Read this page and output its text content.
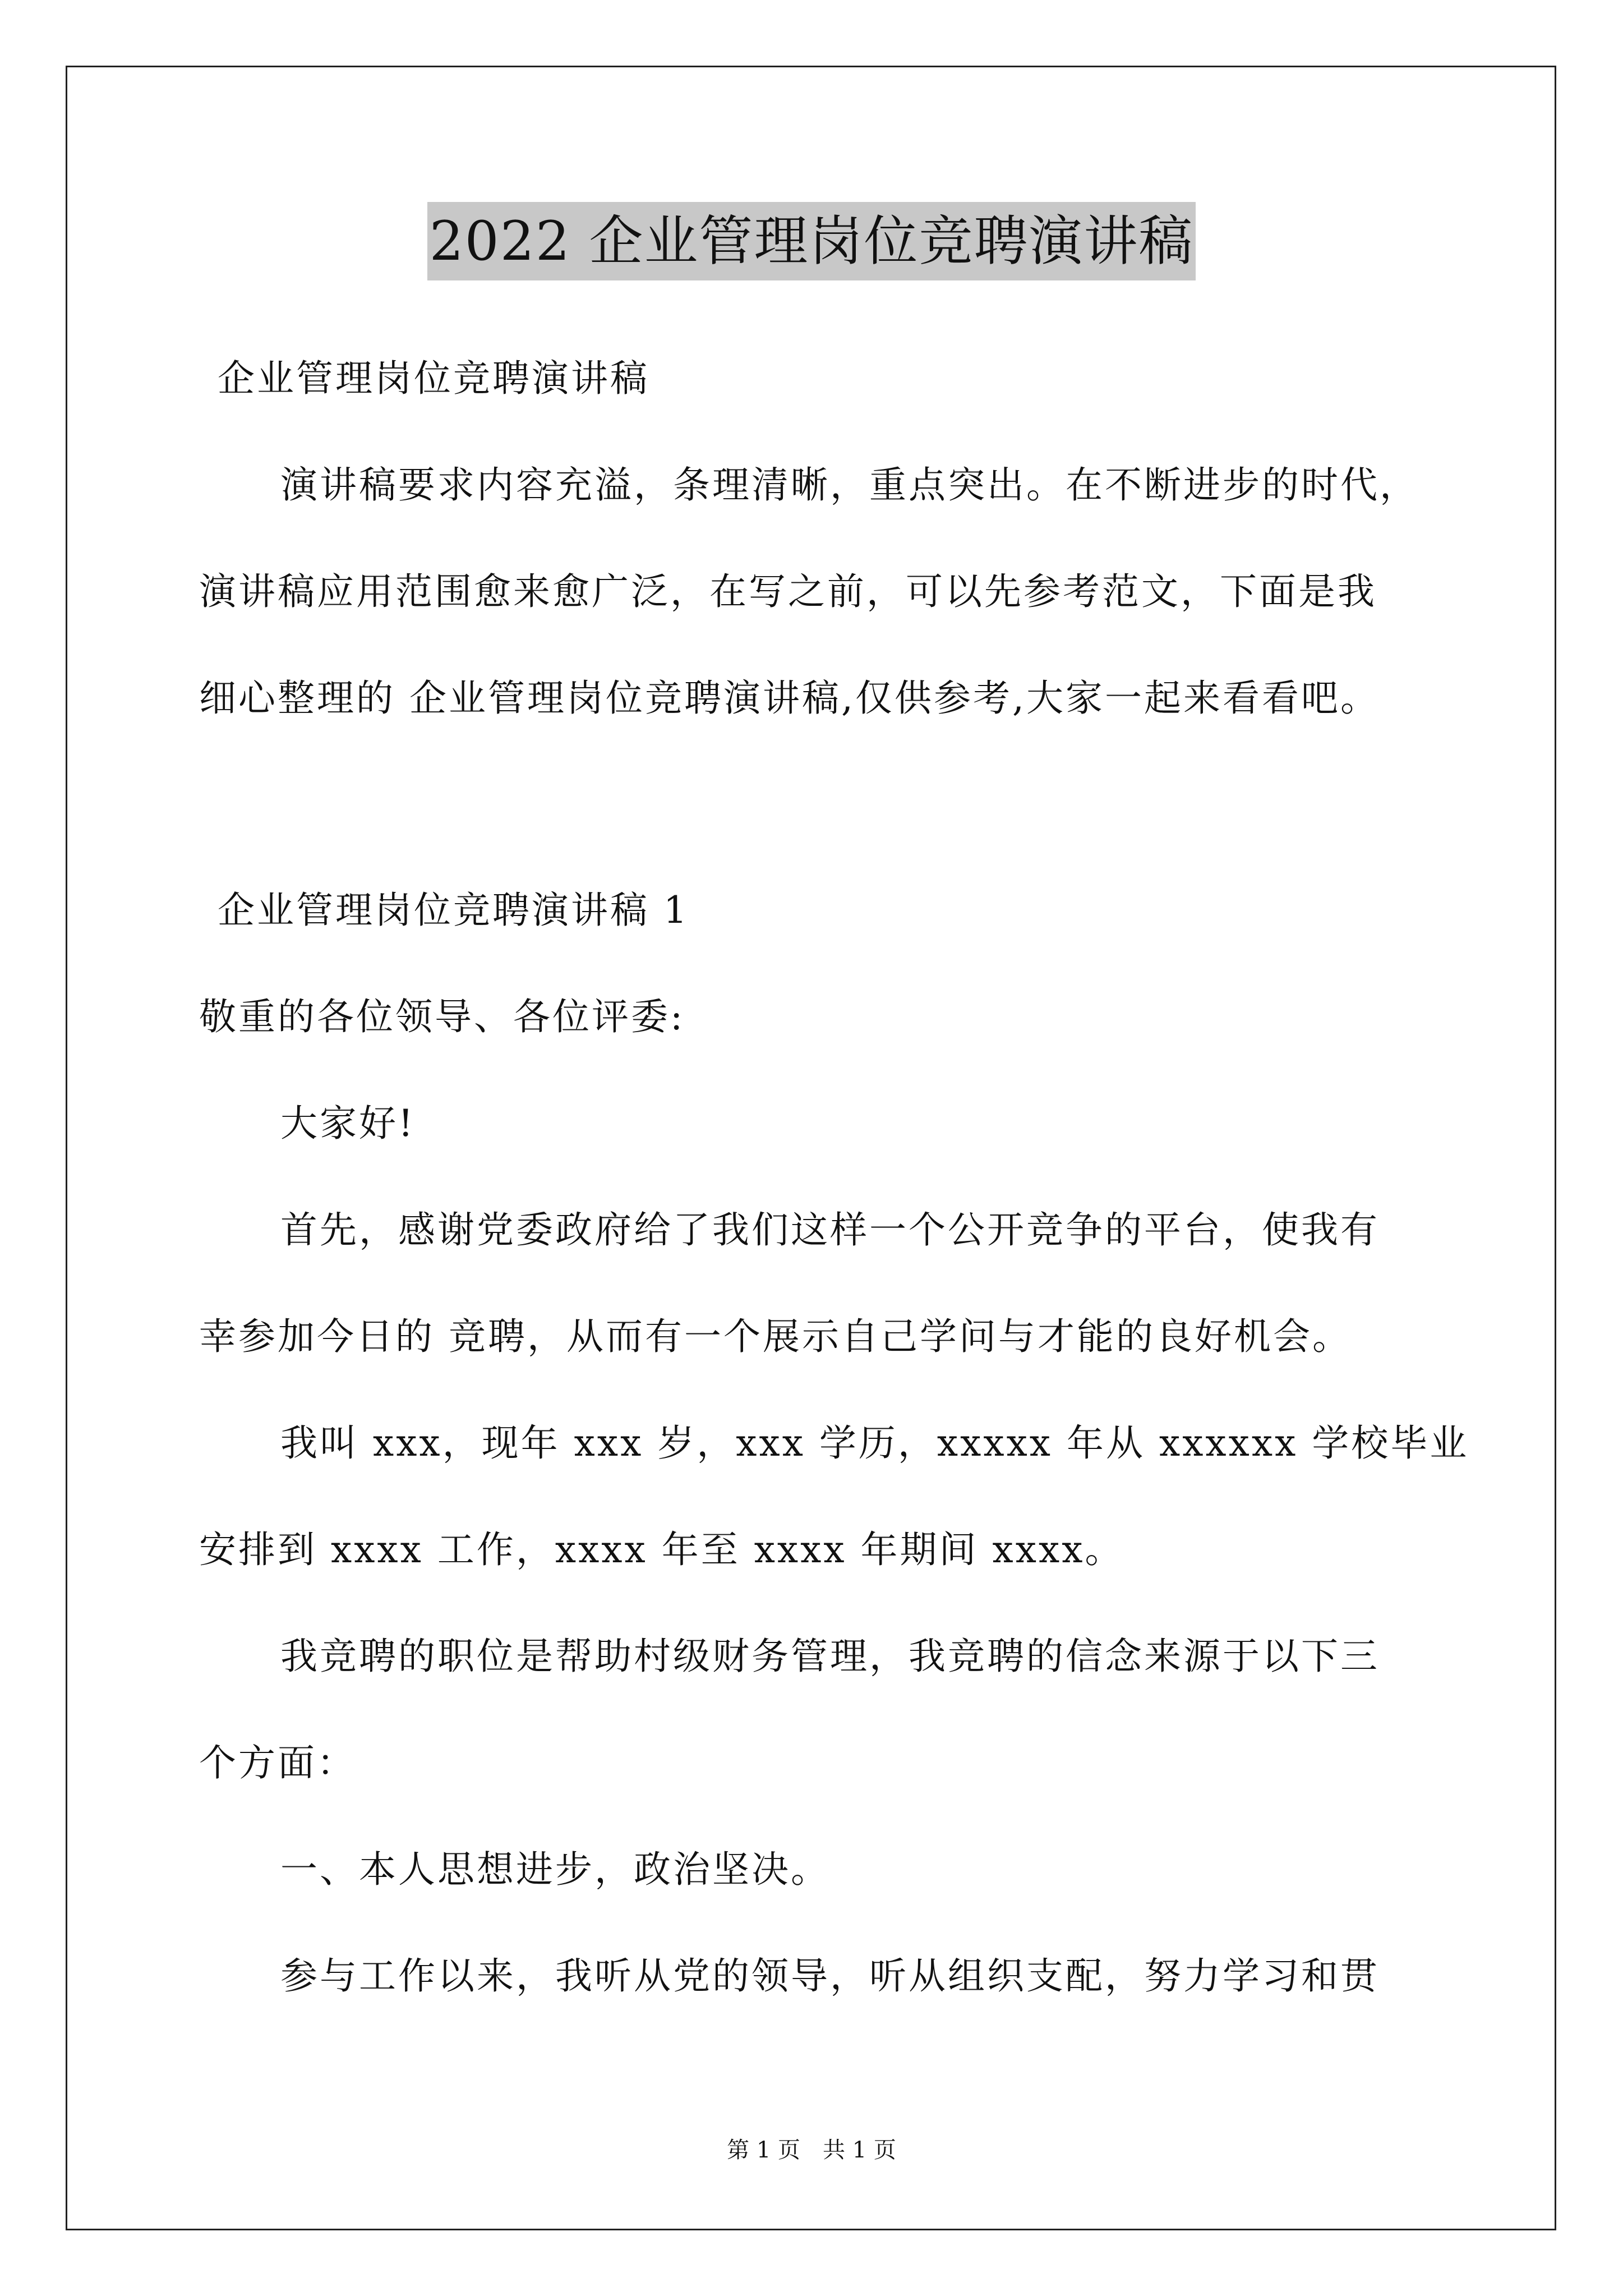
2022 企业管理岗位竞聘演讲稿
企业管理岗位竞聘演讲稿
演讲稿要求内容充溢，条理清晰，重点突出。在不断进步的时代，
演讲稿应用范围愈来愈广泛，在写之前，可以先参考范文，下面是我
细心整理的 企业管理岗位竞聘演讲稿,仅供参考,大家一起来看看吧。
企业管理岗位竞聘演讲稿 1
敬重的各位领导、各位评委:
大家好!
首先，感谢党委政府给了我们这样一个公开竞争的平台，使我有
幸参加今日的 竞聘，从而有一个展示自己学问与才能的良好机会。
我叫 xxx，现年 xxx 岁，xxx 学历，xxxxx 年从 xxxxxx 学校毕业
安排到 xxxx 工作，xxxx 年至 xxxx 年期间 xxxx。
我竞聘的职位是帮助村级财务管理，我竞聘的信念来源于以下三
个方面：
一、本人思想进步，政治坚决。
参与工作以来，我听从党的领导，听从组织支配，努力学习和贯
第 1 页　共 1 页
